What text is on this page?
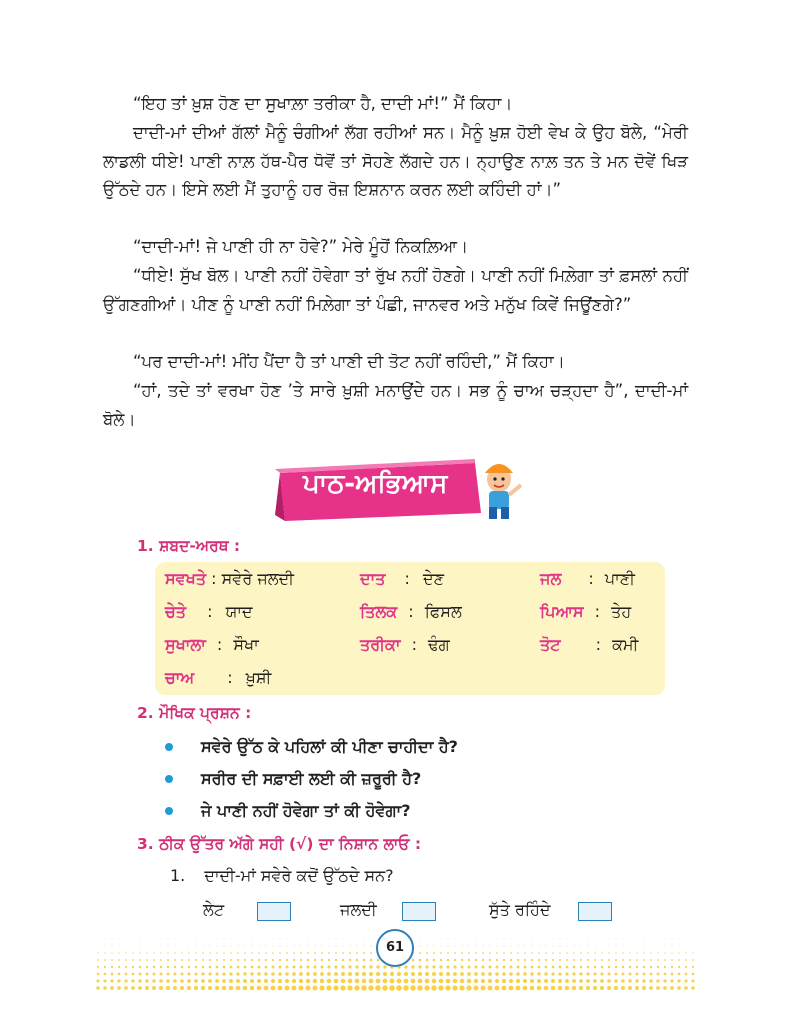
“ਇਹ ਤਾਂ ਖ਼ੁਸ਼ ਹੋਣ ਦਾ ਸੁਖਾਲ਼ਾ ਤਰੀਕਾ ਹੈ, ਦਾਦੀ ਮਾਂ!” ਮੈਂ ਕਿਹਾ।

ਦਾਦੀ-ਮਾਂ ਦੀਆਂ ਗੱਲਾਂ ਮੈਨੂੰ ਚੰਗੀਆਂ ਲੱਗ ਰਹੀਆਂ ਸਨ। ਮੈਨੂੰ ਖ਼ੁਸ਼ ਹੋਈ ਵੇਖ ਕੇ ਉਹ ਬੋਲੇ, “ਮੇਰੀ ਲਾਡਲੀ ਧੀਏ! ਪਾਣੀ ਨਾਲ਼ ਹੱਥ-ਪੈਰ ਧੋਵੋਂ ਤਾਂ ਸੋਹਣੇ ਲੱਗਦੇ ਹਨ। ਨ੍ਹਾਉਣ ਨਾਲ਼ ਤਨ ਤੇ ਮਨ ਦੋਵੇਂ ਖਿੜ ਉੱਠਦੇ ਹਨ। ਇਸੇ ਲਈ ਮੈਂ ਤੁਹਾਨੂੰ ਹਰ ਰੋਜ਼ ਇਸ਼ਨਾਨ ਕਰਨ ਲਈ ਕਹਿੰਦੀ ਹਾਂ।”

“ਦਾਦੀ-ਮਾਂ! ਜੇ ਪਾਣੀ ਹੀ ਨਾ ਹੋਵੇ?” ਮੇਰੇ ਮੂੰਹੋਂ ਨਿਕਲ਼ਿਆ।

“ਧੀਏ! ਸੁੱਖ ਬੋਲ। ਪਾਣੀ ਨਹੀਂ ਹੋਵੇਗਾ ਤਾਂ ਰੁੱਖ ਨਹੀਂ ਹੋਣਗੇ। ਪਾਣੀ ਨਹੀਂ ਮਿਲ਼ੇਗਾ ਤਾਂ ਫ਼ਸਲਾਂ ਨਹੀਂ ਉੱਗਣਗੀਆਂ। ਪੀਣ ਨੂੰ ਪਾਣੀ ਨਹੀਂ ਮਿਲ਼ੇਗਾ ਤਾਂ ਪੰਛੀ, ਜਾਨਵਰ ਅਤੇ ਮਨੁੱਖ ਕਿਵੇਂ ਜਿਊਂਣਗੇ?”

“ਪਰ ਦਾਦੀ-ਮਾਂ! ਮੀਂਹ ਪੈਂਦਾ ਹੈ ਤਾਂ ਪਾਣੀ ਦੀ ਤੋਟ ਨਹੀਂ ਰਹਿੰਦੀ,” ਮੈਂ ਕਿਹਾ।

“ਹਾਂ, ਤਦੇ ਤਾਂ ਵਰਖਾ ਹੋਣ ’ਤੇ ਸਾਰੇ ਖ਼ੁਸ਼ੀ ਮਨਾਉਂਦੇ ਹਨ। ਸਭ ਨੂੰ ਚਾਅ ਚੜ੍ਹਦਾ ਹੈ”, ਦਾਦੀ-ਮਾਂ ਬੋਲੇ।

ਪਾਠ-ਅਭਿਆਸ

1. ਸ਼ਬਦ-ਅਰਥ :

ਸਵਖਤੇ : ਸਵੇਰੇ ਜਲਦੀ	ਦਾਤ : ਦੇਣ	ਜਲ : ਪਾਣੀ
ਚੇਤੇ : ਯਾਦ	ਤਿਲਕ : ਫਿਸਲ	ਪਿਆਸ : ਤੇਹ
ਸੁਖਾਲਾ : ਸੌਖਾ	ਤਰੀਕਾ : ਢੰਗ	ਤੋਟ : ਕਮੀ
ਚਾਅ : ਖ਼ੁਸ਼ੀ

2. ਮੌਖਿਕ ਪ੍ਰਸ਼ਨ :

ਸਵੇਰੇ ਉੱਠ ਕੇ ਪਹਿਲਾਂ ਕੀ ਪੀਣਾ ਚਾਹੀਦਾ ਹੈ?
ਸਰੀਰ ਦੀ ਸਫ਼ਾਈ ਲਈ ਕੀ ਜ਼ਰੂਰੀ ਹੈ?
ਜੇ ਪਾਣੀ ਨਹੀਂ ਹੋਵੇਗਾ ਤਾਂ ਕੀ ਹੋਵੇਗਾ?

3. ਠੀਕ ਉੱਤਰ ਅੱਗੇ ਸਹੀ (√) ਦਾ ਨਿਸ਼ਾਨ ਲਾਓ :

1. ਦਾਦੀ-ਮਾਂ ਸਵੇਰੇ ਕਦੋਂ ਉੱਠਦੇ ਸਨ?
ਲੇਟ	ਜਲਦੀ	ਸੁੱਤੇ ਰਹਿੰਦੇ
61
